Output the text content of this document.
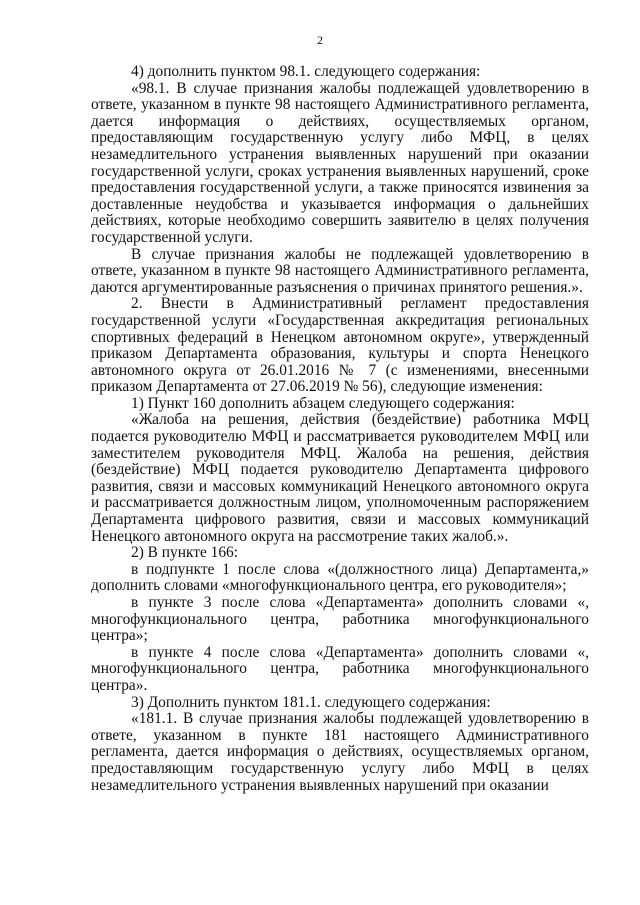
2

4) дополнить пунктом 98.1. следующего содержания:

«98.1. В случае признания жалобы подлежащей удовлетворению в ответе, указанном в пункте 98 настоящего Административного регламента, дается информация о действиях, осуществляемых органом, предоставляющим государственную услугу либо МФЦ, в целях незамедлительного устранения выявленных нарушений при оказании государственной услуги, сроках устранения выявленных нарушений, сроке предоставления государственной услуги, а также приносятся извинения за доставленные неудобства и указывается информация о дальнейших действиях, которые необходимо совершить заявителю в целях получения государственной услуги.

В случае признания жалобы не подлежащей удовлетворению в ответе, указанном в пункте 98 настоящего Административного регламента, даются аргументированные разъяснения о причинах принятого решения.».

2. Внести в Административный регламент предоставления государственной услуги «Государственная аккредитация региональных спортивных федераций в Ненецком автономном округе», утвержденный приказом Департамента образования, культуры и спорта Ненецкого автономного округа от 26.01.2016 № 7 (с изменениями, внесенными приказом Департамента от 27.06.2019 № 56), следующие изменения:

1) Пункт 160 дополнить абзацем следующего содержания:

«Жалоба на решения, действия (бездействие) работника МФЦ подается руководителю МФЦ и рассматривается руководителем МФЦ или заместителем руководителя МФЦ. Жалоба на решения, действия (бездействие) МФЦ подается руководителю Департамента цифрового развития, связи и массовых коммуникаций Ненецкого автономного округа и рассматривается должностным лицом, уполномоченным распоряжением Департамента цифрового развития, связи и массовых коммуникаций Ненецкого автономного округа на рассмотрение таких жалоб.».

2) В пункте 166:

в подпункте 1 после слова «(должностного лица) Департамента,» дополнить словами «многофункционального центра, его руководителя»;

в пункте 3 после слова «Департамента» дополнить словами «, многофункционального центра, работника многофункционального центра»;

в пункте 4 после слова «Департамента» дополнить словами «, многофункционального центра, работника многофункционального центра».

3) Дополнить пунктом 181.1. следующего содержания:

«181.1. В случае признания жалобы подлежащей удовлетворению в ответе, указанном в пункте 181 настоящего Административного регламента, дается информация о действиях, осуществляемых органом, предоставляющим государственную услугу либо МФЦ в целях незамедлительного устранения выявленных нарушений при оказании
